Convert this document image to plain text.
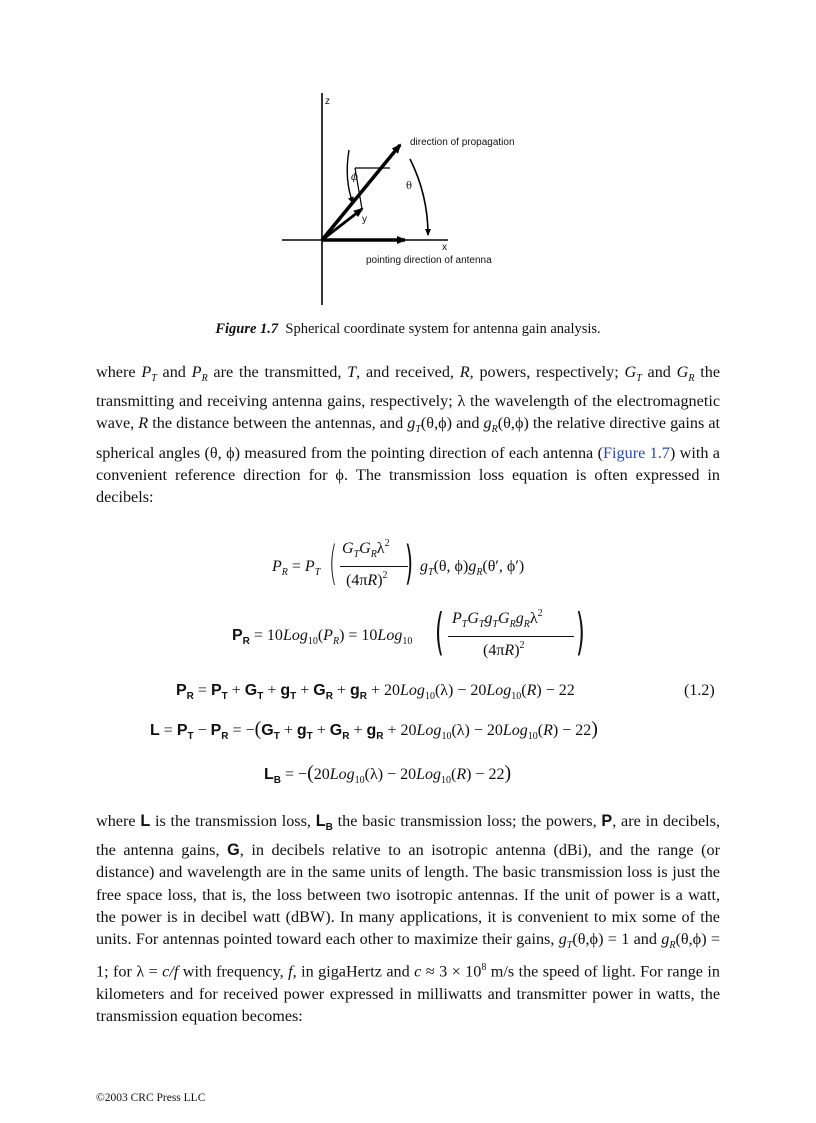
z
direction of propagation
ϕ
θ
y
x
pointing direction of antenna
Figure 1.7 Spherical coordinate system for antenna gain analysis.
where $P_T$ and $P_R$ are the transmitted, T, and received, R, powers, respectively; $G_T$ and $G_R$ the transmitting and receiving antenna gains, respectively; λ the wavelength of the electromagnetic wave, R the distance between the antennas, and $g_T(\theta,\phi)$ and $g_R(\theta,\phi)$ the relative directive gains at spherical angles (θ, ϕ) measured from the pointing direction of each antenna (Figure 1.7) with a convenient reference direction for ϕ. The transmission loss equation is often expressed in decibels:
$P_R = P_T$ ( $G_TG_R\lambda^2$
$(4\pi R)^2$ ) $g_T(\theta$, $\phi)g_R(\theta'$, ϕ′)
$P_R = 10Log_{10}(P_R) = 10Log_{10}$ ( $P_TG_Tg_TG_Rg_R\lambda^2$
$(4\pi R)^2$ )
$P_R = P_T + G_T + g_T + G_R + g_R + 20Log_{10}(\lambda) - 20Log_{10}(R) - 22$	(1.2)
$L = P_T - P_R = -(G_T + g_T + G_R + g_R + 20Log_{10}(\lambda) - 20Log_{10}(R) - 22)$
$L_B = -(20Log_{10}(\lambda) - 20Log_{10}(R) - 22)$
where L is the transmission loss, $L_B$ the basic transmission loss; the powers, P, are in decibels, the antenna gains, G, in decibels relative to an isotropic antenna (dBi), and the range (or distance) and wavelength are in the same units of length. The basic transmission loss is just the free space loss, that is, the loss between two isotropic antennas. If the unit of power is a watt, the power is in decibel watt (dBW). In many applications, it is convenient to mix some of the units. For antennas pointed toward each other to maximize their gains, $g_T(\theta,\phi) = 1$ and $g_R(\theta,\phi) = 1$; for λ = c/f with frequency, f, in gigaHertz and $c \approx 3 \times 10^8$ m/s the speed of light. For range in kilometers and for received power expressed in milliwatts and transmitter power in watts, the transmission equation becomes:
©2003 CRC Press LLC
